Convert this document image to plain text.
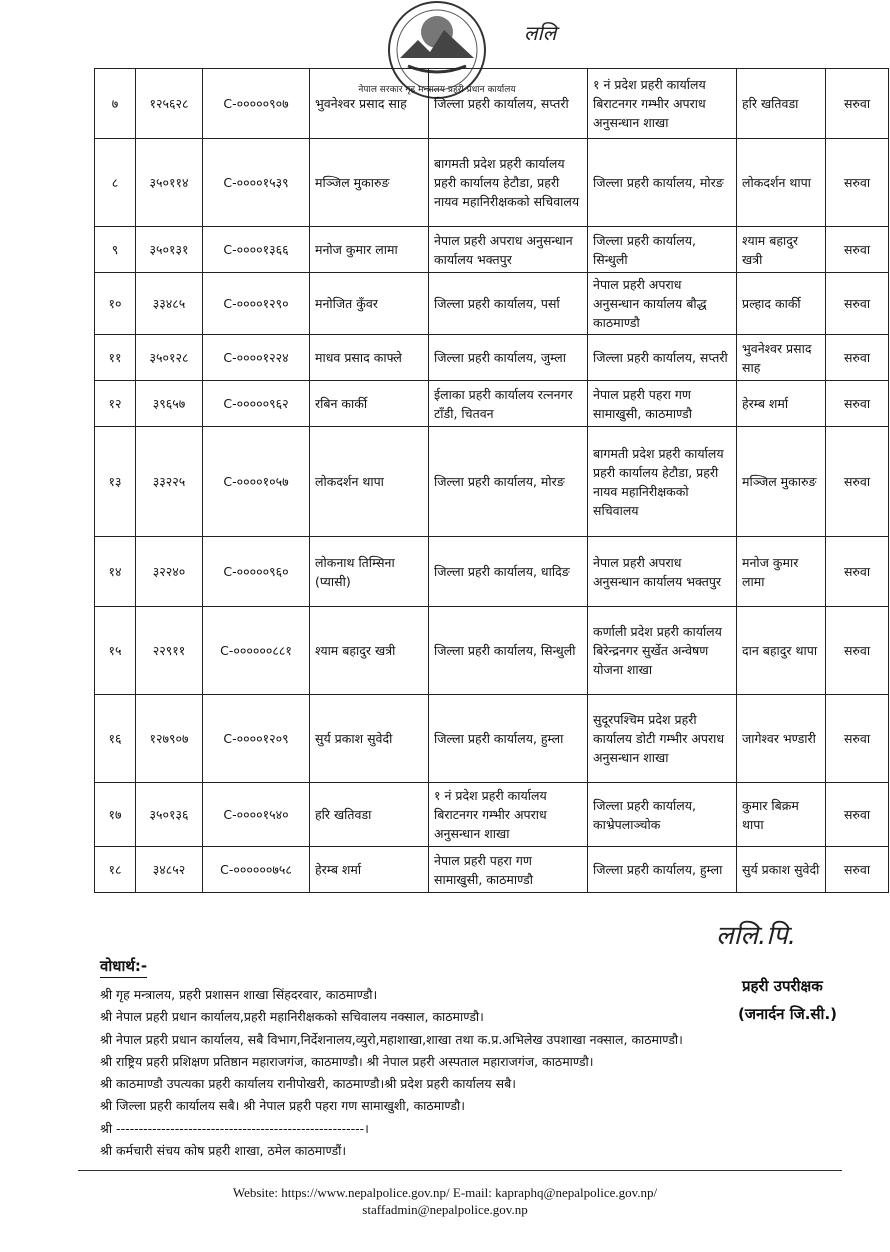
नेपाल सरकार गृह मन्त्रालय प्रहरी प्रधान कार्यालय
ललि
७	१२५६२८	C-०००००९०७	भुवनेश्वर प्रसाद साह	जिल्ला प्रहरी कार्यालय, सप्तरी	१ नं प्रदेश प्रहरी कार्यालय बिराटनगर गम्भीर अपराध अनुसन्धान शाखा	हरि खतिवडा	सरुवा
८	३५०११४	C-००००१५३९	मञ्जिल मुकारुङ	बागमती प्रदेश प्रहरी कार्यालय प्रहरी कार्यालय हेटौडा, प्रहरी नायव महानिरीक्षकको सचिवालय	जिल्ला प्रहरी कार्यालय, मोरङ	लोकदर्शन थापा	सरुवा
९	३५०१३१	C-००००१३६६	मनोज कुमार लामा	नेपाल प्रहरी अपराध अनुसन्धान कार्यालय भक्तपुर	जिल्ला प्रहरी कार्यालय, सिन्धुली	श्याम बहादुर खत्री	सरुवा
१०	३३४८५	C-००००१२९०	मनोजित कुँवर	जिल्ला प्रहरी कार्यालय, पर्सा	नेपाल प्रहरी अपराध अनुसन्धान कार्यालय बौद्ध काठमाण्डौ	प्रल्हाद कार्की	सरुवा
११	३५०१२८	C-००००१२२४	माधव प्रसाद काफ्ले	जिल्ला प्रहरी कार्यालय, जुम्ला	जिल्ला प्रहरी कार्यालय, सप्तरी	भुवनेश्वर प्रसाद साह	सरुवा
१२	३९६५७	C-०००००९६२	रबिन कार्की	ईलाका प्रहरी कार्यालय रत्ननगर टाँडी, चितवन	नेपाल प्रहरी पहरा गण सामाखुसी, काठमाण्डौ	हेरम्ब शर्मा	सरुवा
१३	३३२२५	C-००००१०५७	लोकदर्शन थापा	जिल्ला प्रहरी कार्यालय, मोरङ	बागमती प्रदेश प्रहरी कार्यालय प्रहरी कार्यालय हेटौडा, प्रहरी नायव महानिरीक्षकको सचिवालय	मञ्जिल मुकारुङ	सरुवा
१४	३२२४०	C-०००००९६०	लोकनाथ तिम्सिना (प्यासी)	जिल्ला प्रहरी कार्यालय, धादिङ	नेपाल प्रहरी अपराध अनुसन्धान कार्यालय भक्तपुर	मनोज कुमार लामा	सरुवा
१५	२२९११	C-००००००८८१	श्याम बहादुर खत्री	जिल्ला प्रहरी कार्यालय, सिन्धुली	कर्णाली प्रदेश प्रहरी कार्यालय बिरेन्द्रनगर सुर्खेत अन्वेषण योजना शाखा	दान बहादुर थापा	सरुवा
१६	१२७९०७	C-००००१२०९	सुर्य प्रकाश सुवेदी	जिल्ला प्रहरी कार्यालय, हुम्ला	सुदूरपश्चिम प्रदेश प्रहरी कार्यालय डोटी गम्भीर अपराध अनुसन्धान शाखा	जागेश्वर भण्डारी	सरुवा
१७	३५०१३६	C-००००१५४०	हरि खतिवडा	१ नं प्रदेश प्रहरी कार्यालय बिराटनगर गम्भीर अपराध अनुसन्धान शाखा	जिल्ला प्रहरी कार्यालय, काभ्रेपलाञ्चोक	कुमार बिक्रम थापा	सरुवा
१८	३४८५२	C-००००००७५८	हेरम्ब शर्मा	नेपाल प्रहरी पहरा गण सामाखुसी, काठमाण्डौ	जिल्ला प्रहरी कार्यालय, हुम्ला	सुर्य प्रकाश सुवेदी	सरुवा
ललि.पि.
प्रहरी उपरीक्षक
(जनार्दन जि.सी.)
वोधार्थ:-
श्री गृह मन्त्रालय, प्रहरी प्रशासन शाखा सिंहदरवार, काठमाण्डौ।
श्री नेपाल प्रहरी प्रधान कार्यालय,प्रहरी महानिरीक्षकको सचिवालय नक्साल, काठमाण्डौ।
श्री नेपाल प्रहरी प्रधान कार्यालय, सबै विभाग,निर्देशनालय,व्युरो,महाशाखा,शाखा तथा क.प्र.अभिलेख उपशाखा नक्साल, काठमाण्डौ।
श्री राष्ट्रिय प्रहरी प्रशिक्षण प्रतिष्ठान महाराजगंज, काठमाण्डौ। श्री नेपाल प्रहरी अस्पताल महाराजगंज, काठमाण्डौ।
श्री काठमाण्डौ उपत्यका प्रहरी कार्यालय रानीपोखरी, काठमाण्डौ।श्री प्रदेश प्रहरी कार्यालय सबै।
श्री जिल्ला प्रहरी कार्यालय सबै। श्री नेपाल प्रहरी पहरा गण सामाखुशी, काठमाण्डौ।
श्री -------------------------------------------------------।
श्री कर्मचारी संचय कोष प्रहरी शाखा, ठमेल काठमाण्डौं।
Website: https://www.nepalpolice.gov.np/ E-mail: kapraphq@nepalpolice.gov.np/
staffadmin@nepalpolice.gov.np
